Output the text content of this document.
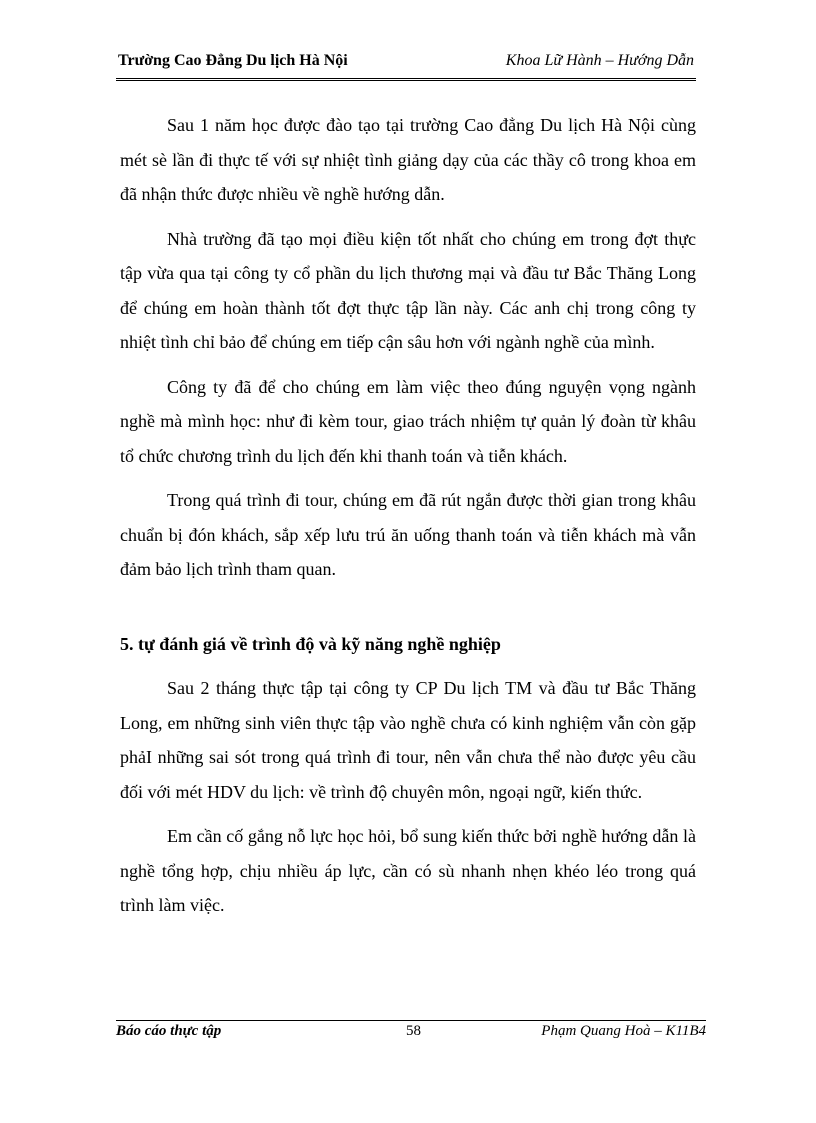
Trường Cao Đẳng Du lịch Hà Nội	Khoa Lữ Hành – Hướng Dẫn

Sau 1 năm học được đào tạo tại trường Cao đẳng Du lịch Hà Nội cùng mét sè lần đi thực tế với sự nhiệt tình giảng dạy của các thầy cô trong khoa em đã nhận thức được nhiều về nghề hướng dẫn.

Nhà trường đã tạo mọi điều kiện tốt nhất cho chúng em trong đợt thực tập vừa qua tại công ty cổ phần du lịch thương mại và đầu tư Bắc Thăng Long để chúng em hoàn thành tốt đợt thực tập lần này. Các anh chị trong công ty nhiệt tình chỉ bảo để chúng em tiếp cận sâu hơn với ngành nghề của mình.

Công ty đã để cho chúng em làm việc theo đúng nguyện vọng ngành nghề mà mình học: như đi kèm tour, giao trách nhiệm tự quản lý đoàn từ khâu tổ chức chương trình du lịch đến khi thanh toán và tiễn khách.

Trong quá trình đi tour, chúng em đã rút ngắn được thời gian trong khâu chuẩn bị đón khách, sắp xếp lưu trú ăn uống thanh toán và tiễn khách mà vẫn đảm bảo lịch trình tham quan.

5. tự đánh giá về trình độ và kỹ năng nghề nghiệp

Sau 2 tháng thực tập tại công ty CP Du lịch TM và đầu tư Bắc Thăng Long, em những sinh viên thực tập vào nghề chưa có kinh nghiệm vẫn còn gặp phảI những sai sót trong quá trình đi tour, nên vẫn chưa thể nào được yêu cầu đối với mét HDV du lịch: về trình độ chuyên môn, ngoại ngữ, kiến thức.

Em cần cố gắng nỗ lực học hỏi, bổ sung kiến thức bởi nghề hướng dẫn là nghề tổng hợp, chịu nhiều áp lực, cần có sù nhanh nhẹn khéo léo trong quá trình làm việc.

Báo cáo thực tập	58	Phạm Quang Hoà – K11B4
